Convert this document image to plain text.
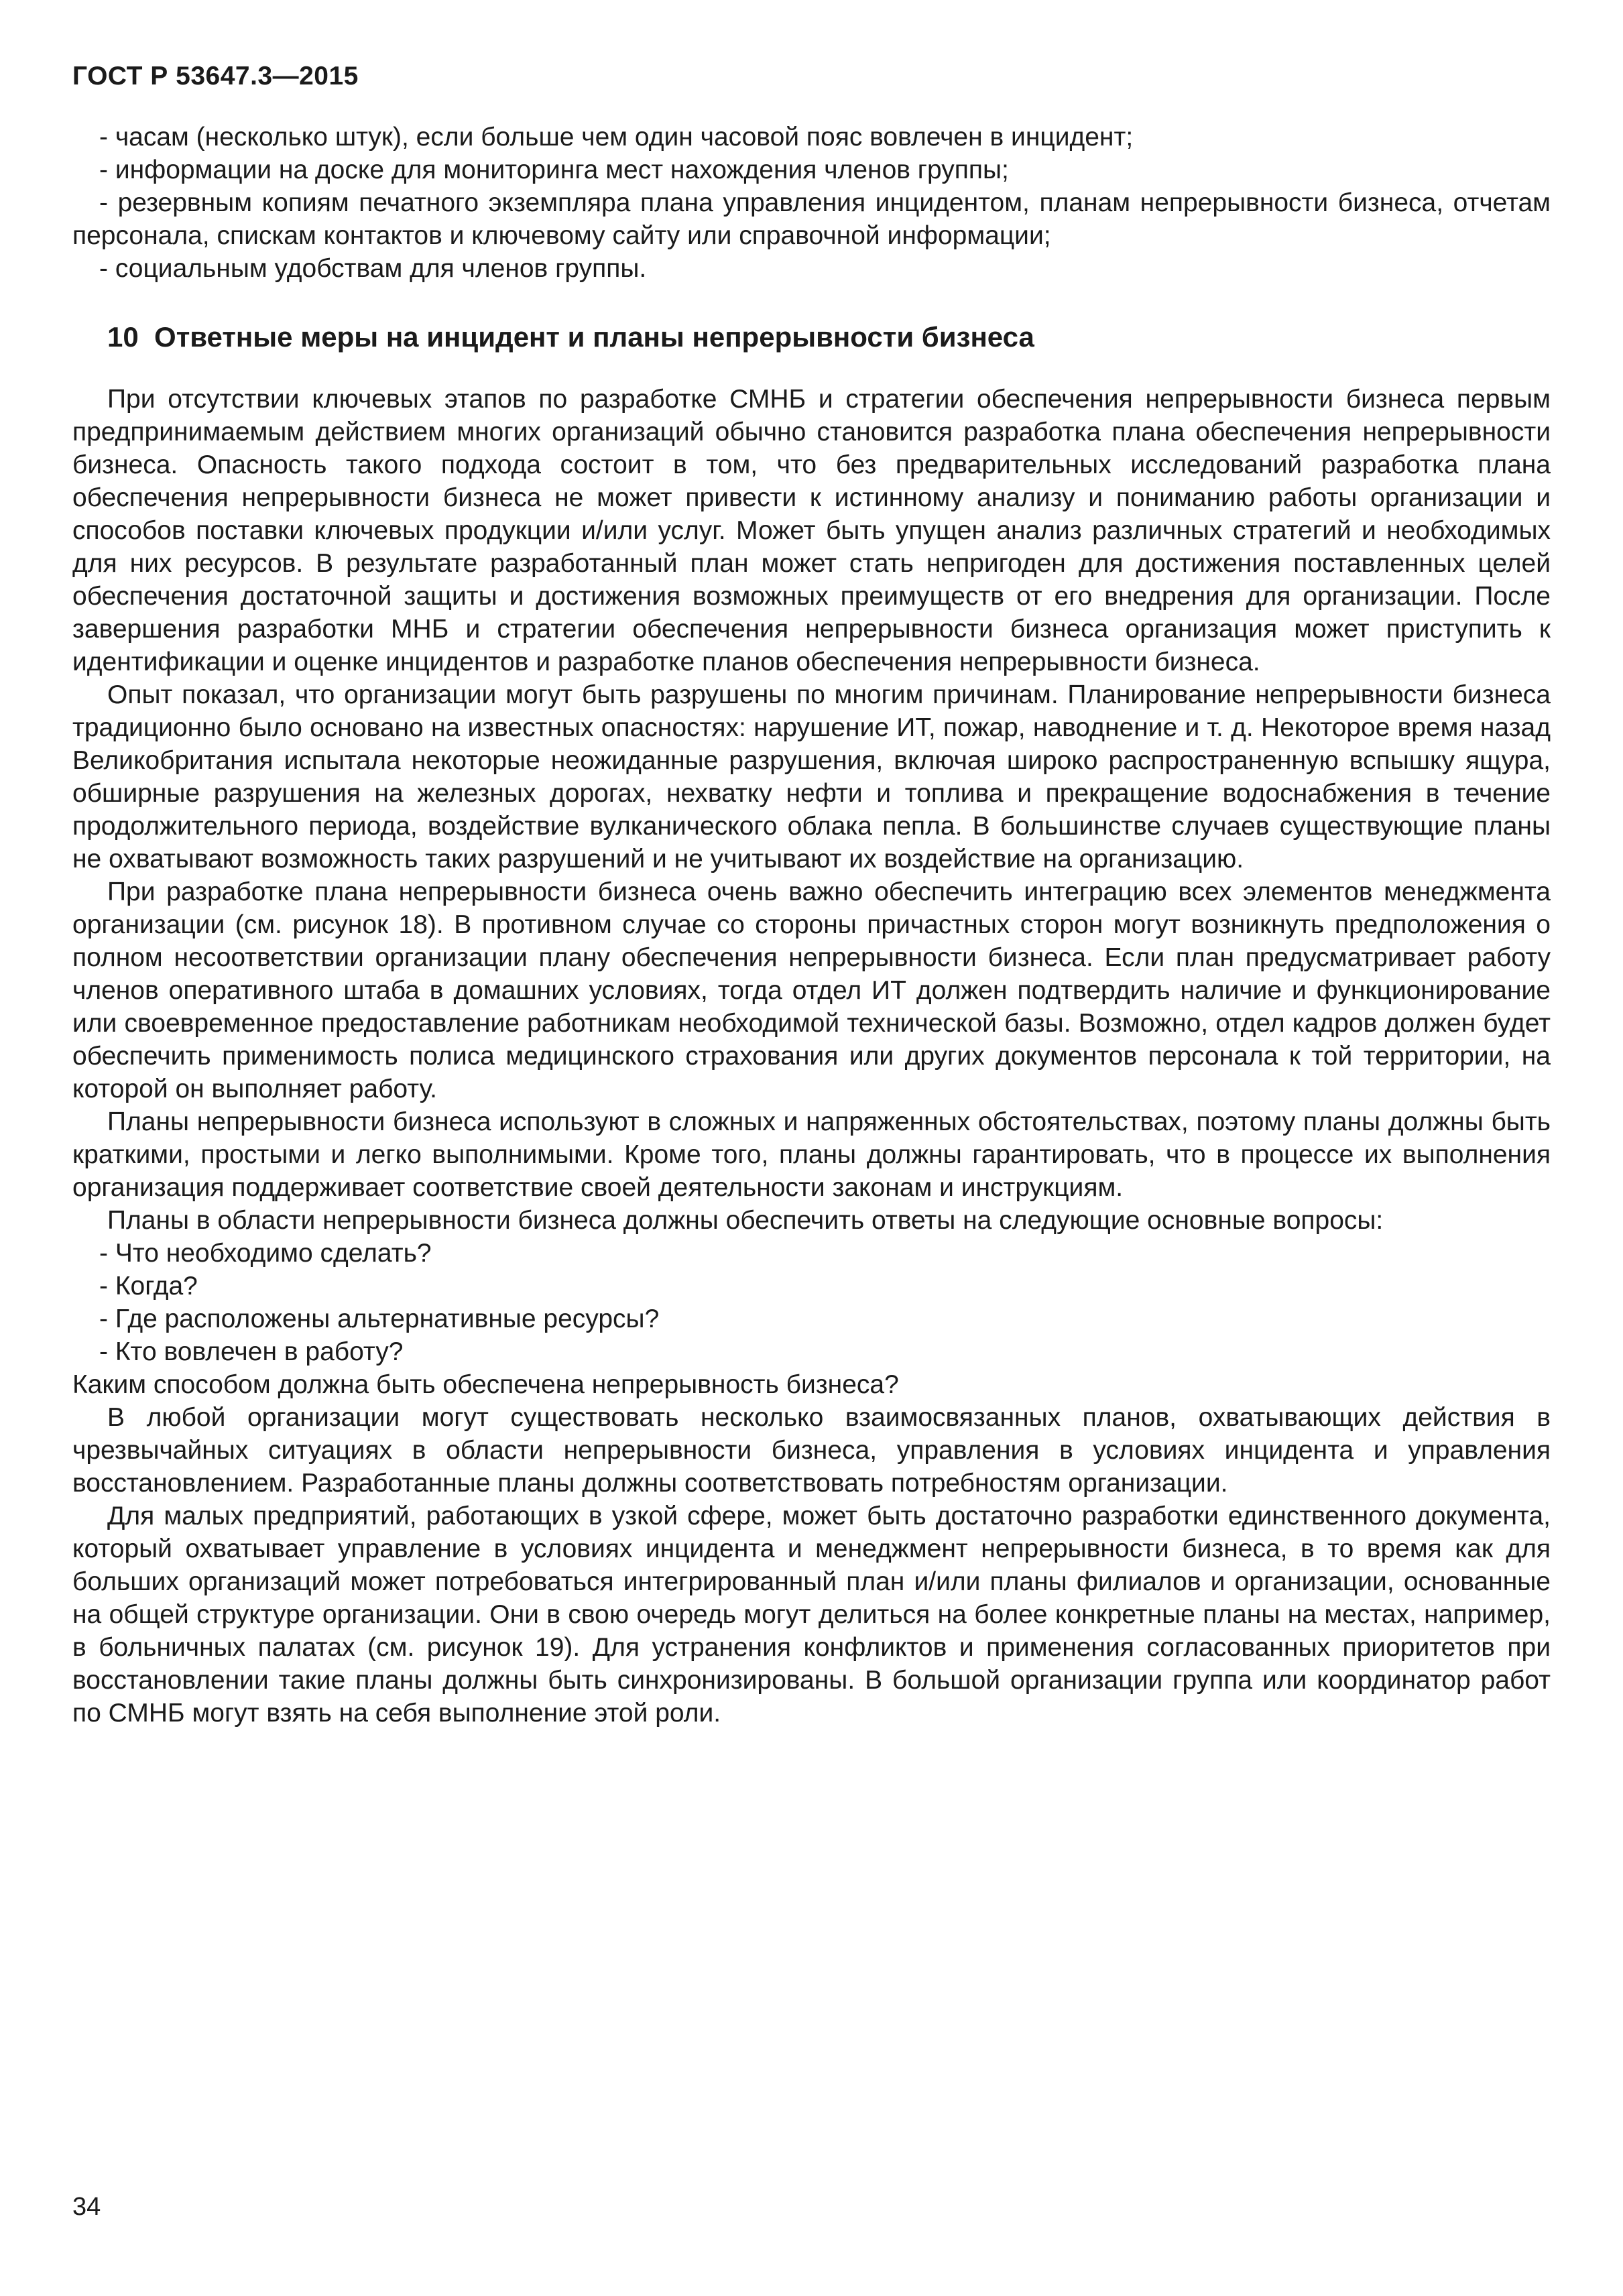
ГОСТ Р 53647.3—2015

- часам (несколько штук), если больше чем один часовой пояс вовлечен в инцидент;

- информации на доске для мониторинга мест нахождения членов группы;

- резервным копиям печатного экземпляра плана управления инцидентом, планам непрерывности бизнеса, отчетам персонала, спискам контактов и ключевому сайту или справочной информации;

- социальным удобствам для членов группы.

10  Ответные меры на инцидент и планы непрерывности бизнеса

При отсутствии ключевых этапов по разработке СМНБ и стратегии обеспечения непрерывности бизнеса первым предпринимаемым действием многих организаций обычно становится разработка плана обеспечения непрерывности бизнеса. Опасность такого подхода состоит в том, что без предварительных исследований разработка плана обеспечения непрерывности бизнеса не может привести к истинному анализу и пониманию работы организации и способов поставки ключевых продукции и/или услуг. Может быть упущен анализ различных стратегий и необходимых для них ресурсов. В результате разработанный план может стать непригоден для достижения поставленных целей обеспечения достаточной защиты и достижения возможных преимуществ от его внедрения для организации. После завершения разработки МНБ и стратегии обеспечения непрерывности бизнеса организация может приступить к идентификации и оценке инцидентов и разработке планов обеспечения непрерывности бизнеса.

Опыт показал, что организации могут быть разрушены по многим причинам. Планирование непрерывности бизнеса традиционно было основано на известных опасностях: нарушение ИТ, пожар, наводнение и т. д. Некоторое время назад Великобритания испытала некоторые неожиданные разрушения, включая широко распространенную вспышку ящура, обширные разрушения на железных дорогах, нехватку нефти и топлива и прекращение водоснабжения в течение продолжительного периода, воздействие вулканического облака пепла. В большинстве случаев существующие планы не охватывают возможность таких разрушений и не учитывают их воздействие на организацию.

При разработке плана непрерывности бизнеса очень важно обеспечить интеграцию всех элементов менеджмента организации (см. рисунок 18). В противном случае со стороны причастных сторон могут возникнуть предположения о полном несоответствии организации плану обеспечения непрерывности бизнеса. Если план предусматривает работу членов оперативного штаба в домашних условиях, тогда отдел ИТ должен подтвердить наличие и функционирование или своевременное предоставление работникам необходимой технической базы. Возможно, отдел кадров должен будет обеспечить применимость полиса медицинского страхования или других документов персонала к той территории, на которой он выполняет работу.

Планы непрерывности бизнеса используют в сложных и напряженных обстоятельствах, поэтому планы должны быть краткими, простыми и легко выполнимыми. Кроме того, планы должны гарантировать, что в процессе их выполнения организация поддерживает соответствие своей деятельности законам и инструкциям.

Планы в области непрерывности бизнеса должны обеспечить ответы на следующие основные вопросы:

- Что необходимо сделать?

- Когда?

- Где расположены альтернативные ресурсы?

- Кто вовлечен в работу?

Каким способом должна быть обеспечена непрерывность бизнеса?

В любой организации могут существовать несколько взаимосвязанных планов, охватывающих действия в чрезвычайных ситуациях в области непрерывности бизнеса, управления в условиях инцидента и управления восстановлением. Разработанные планы должны соответствовать потребностям организации.

Для малых предприятий, работающих в узкой сфере, может быть достаточно разработки единственного документа, который охватывает управление в условиях инцидента и менеджмент непрерывности бизнеса, в то время как для больших организаций может потребоваться интегрированный план и/или планы филиалов и организации, основанные на общей структуре организации. Они в свою очередь могут делиться на более конкретные планы на местах, например, в больничных палатах (см. рисунок 19). Для устранения конфликтов и применения согласованных приоритетов при восстановлении такие планы должны быть синхронизированы. В большой организации группа или координатор работ по СМНБ могут взять на себя выполнение этой роли.

34
